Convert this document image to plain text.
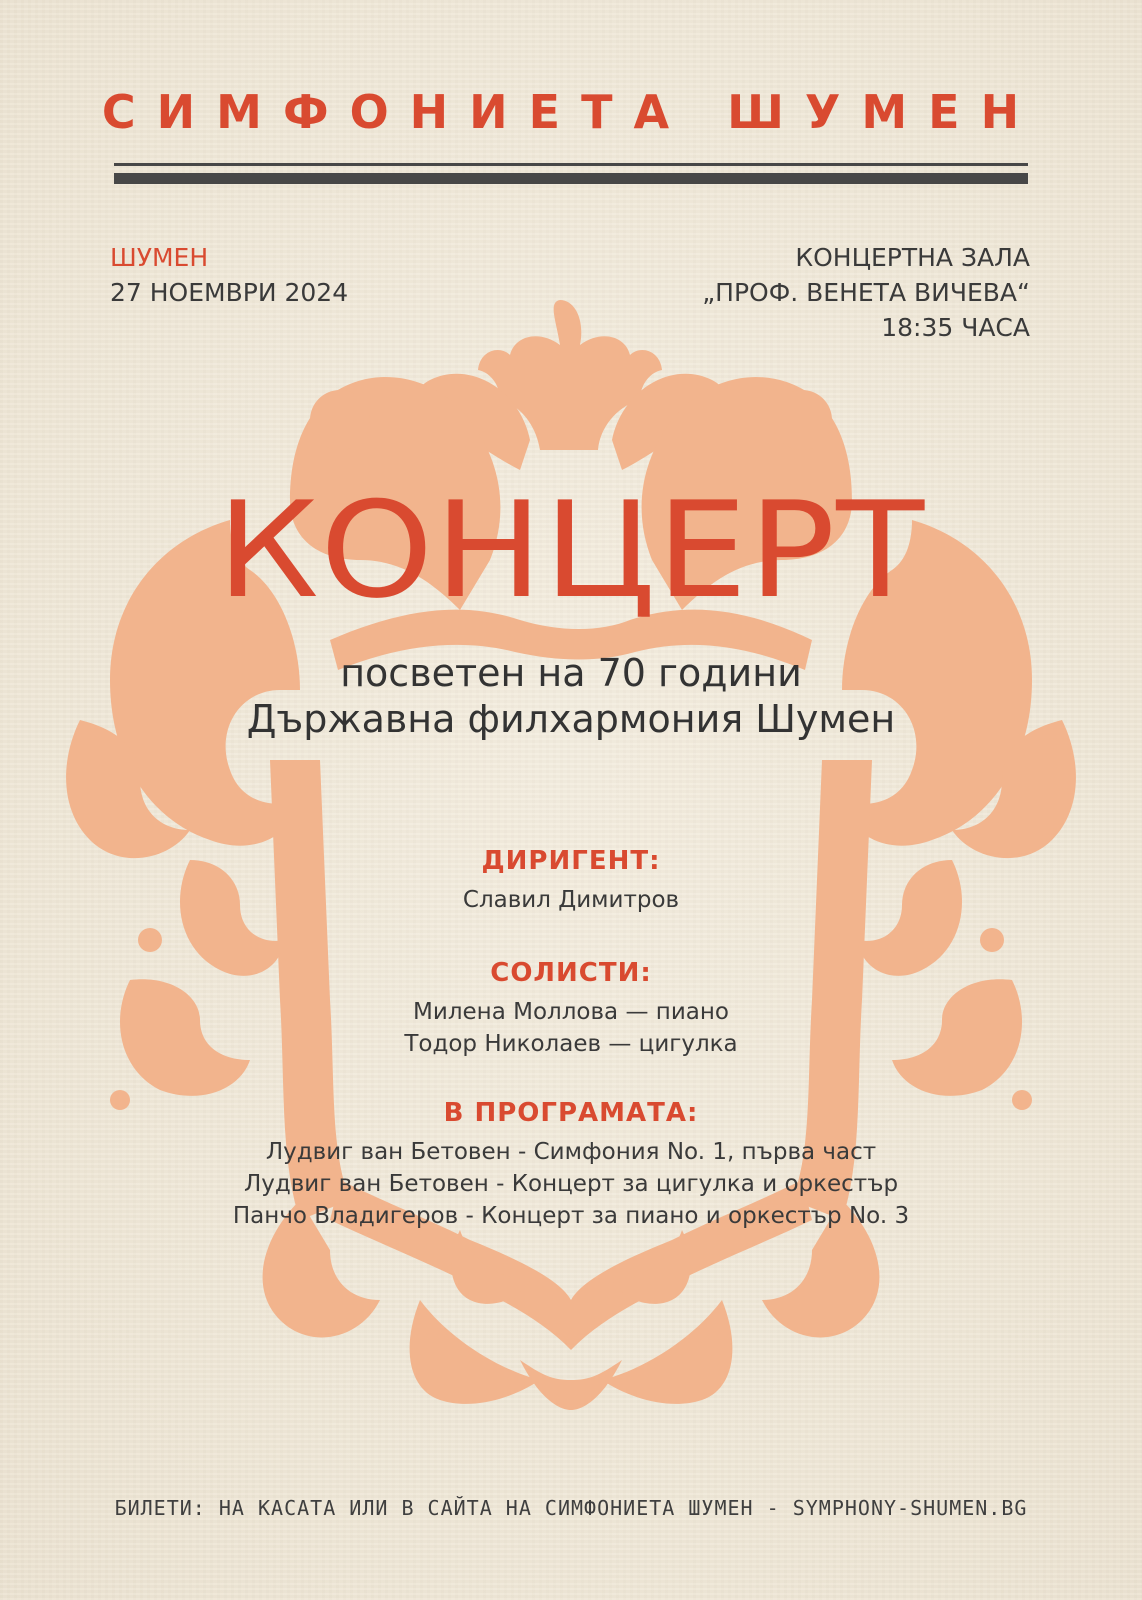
СИМФОНИЕТА ШУМЕН
ШУМЕН
27 НОЕМВРИ 2024
КОНЦЕРТНА ЗАЛА
„ПРОФ. ВЕНЕТА ВИЧЕВА“
18:35 ЧАСА
КОНЦЕРТ
посветен на 70 години
Държавна филхармония Шумен
ДИРИГЕНТ:
Славил Димитров
СОЛИСТИ:
Милена Моллова — пиано
Тодор Николаев — цигулка
В ПРОГРАМАТА:
Лудвиг ван Бетовен - Симфония No. 1, първа част
Лудвиг ван Бетовен - Концерт за цигулка и оркестър
Панчо Владигеров - Концерт за пиано и оркестър No. 3
БИЛЕТИ: НА КАСАТА ИЛИ В САЙТА НА СИМФОНИЕТА ШУМЕН - SYMPHONY-SHUMEN.BG
